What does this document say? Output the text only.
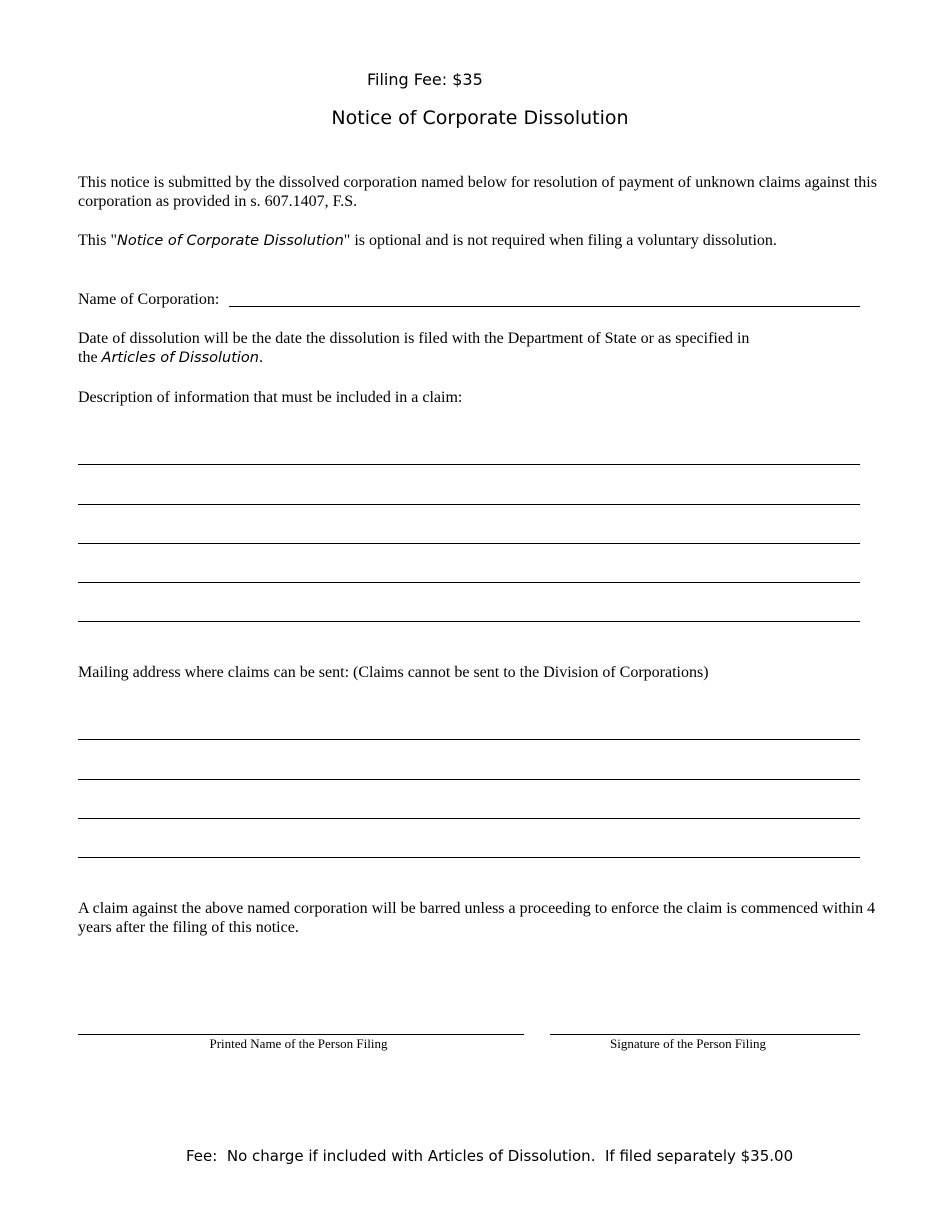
Filing Fee: $35
Notice of Corporate Dissolution
This notice is submitted by the dissolved corporation named below for resolution of payment of unknown claims against this corporation as provided in s. 607.1407, F.S.
This "Notice of Corporate Dissolution" is optional and is not required when filing a voluntary dissolution.
Name of Corporation:
Date of dissolution will be the date the dissolution is filed with the Department of State or as specified in the Articles of Dissolution.
Description of information that must be included in a claim:
Mailing address where claims can be sent: (Claims cannot be sent to the Division of Corporations)
A claim against the above named corporation will be barred unless a proceeding to enforce the claim is commenced within 4 years after the filing of this notice.
Printed Name of the Person Filing	Signature of the Person Filing
Fee:  No charge if included with Articles of Dissolution.  If filed separately $35.00
